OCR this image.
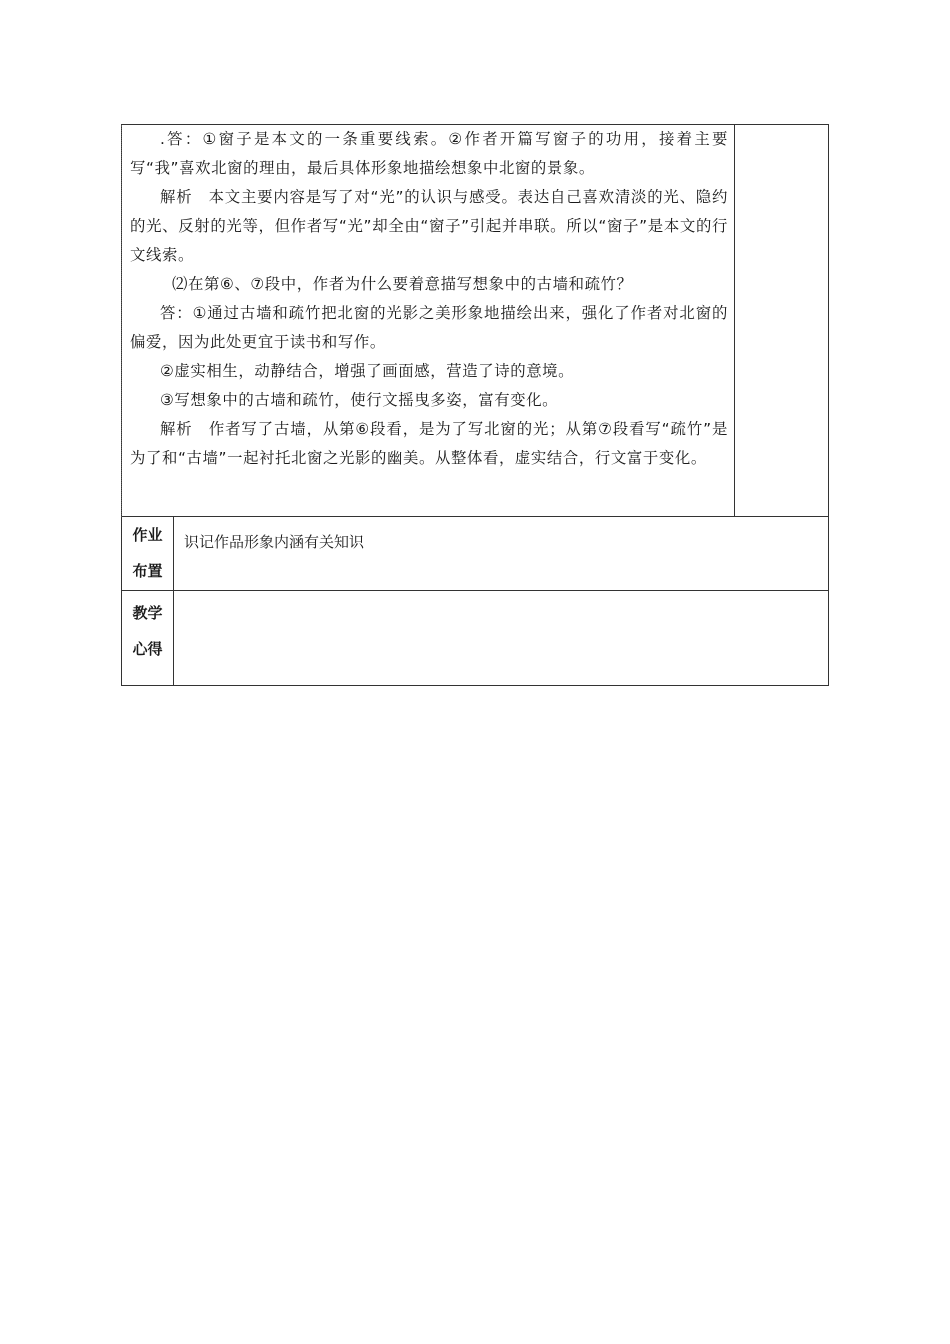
.答：①窗子是本文的一条重要线索。②作者开篇写窗子的功用，接着主要写“我”喜欢北窗的理由，最后具体形象地描绘想象中北窗的景象。
解析　本文主要内容是写了对“光”的认识与感受。表达自己喜欢清淡的光、隐约的光、反射的光等，但作者写“光”却全由“窗子”引起并串联。所以“窗子”是本文的行文线索。
⑵在第⑥、⑦段中，作者为什么要着意描写想象中的古墙和疏竹？
答：①通过古墙和疏竹把北窗的光影之美形象地描绘出来，强化了作者对北窗的偏爱，因为此处更宜于读书和写作。
②虚实相生，动静结合，增强了画面感，营造了诗的意境。
③写想象中的古墙和疏竹，使行文摇曳多姿，富有变化。
解析　作者写了古墙，从第⑥段看，是为了写北窗的光；从第⑦段看写“疏竹”是为了和“古墙”一起衬托北窗之光影的幽美。从整体看，虚实结合，行文富于变化。
作业
布置
识记作品形象内涵有关知识
教学
心得
